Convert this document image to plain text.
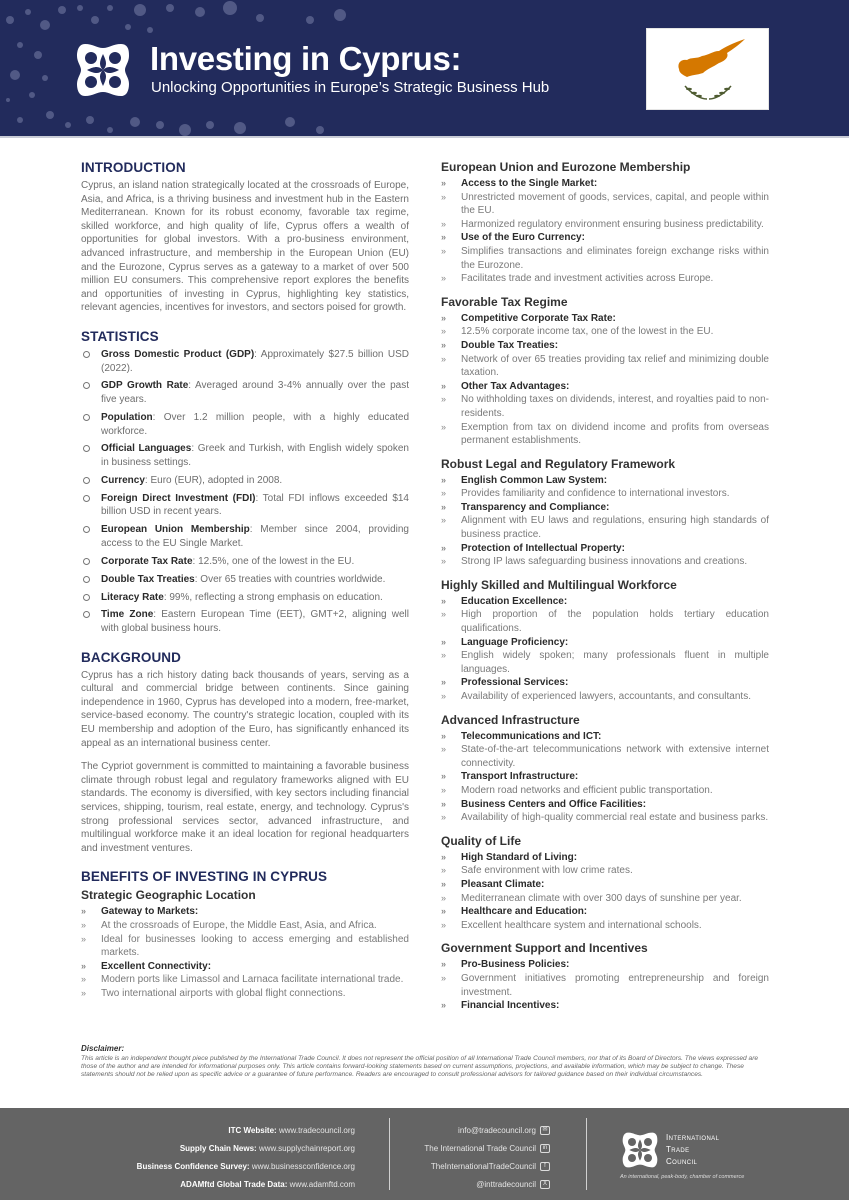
Investing in Cyprus:
Unlocking Opportunities in Europe’s Strategic Business Hub
INTRODUCTION

Cyprus, an island nation strategically located at the crossroads of Europe, Asia, and Africa, is a thriving business and investment hub in the Eastern Mediterranean. Known for its robust economy, favorable tax regime, skilled workforce, and high quality of life, Cyprus offers a wealth of opportunities for global investors. With a pro-business environment, advanced infrastructure, and membership in the European Union (EU) and the Eurozone, Cyprus serves as a gateway to a market of over 500 million EU consumers. This comprehensive report explores the benefits and opportunities of investing in Cyprus, highlighting key statistics, relevant agencies, incentives for investors, and sectors poised for growth.

STATISTICS
Gross Domestic Product (GDP): Approximately $27.5 billion USD (2022).
GDP Growth Rate: Averaged around 3-4% annually over the past five years.
Population: Over 1.2 million people, with a highly educated workforce.
Official Languages: Greek and Turkish, with English widely spoken in business settings.
Currency: Euro (EUR), adopted in 2008.
Foreign Direct Investment (FDI): Total FDI inflows exceeded $14 billion USD in recent years.
European Union Membership: Member since 2004, providing access to the EU Single Market.
Corporate Tax Rate: 12.5%, one of the lowest in the EU.
Double Tax Treaties: Over 65 treaties with countries worldwide.
Literacy Rate: 99%, reflecting a strong emphasis on education.
Time Zone: Eastern European Time (EET), GMT+2, aligning well with global business hours.
BACKGROUND

Cyprus has a rich history dating back thousands of years, serving as a cultural and commercial bridge between continents. Since gaining independence in 1960, Cyprus has developed into a modern, free-market, service-based economy. The country's strategic location, coupled with its EU membership and adoption of the Euro, has significantly enhanced its appeal as an international business center.

The Cypriot government is committed to maintaining a favorable business climate through robust legal and regulatory frameworks aligned with EU standards. The economy is diversified, with key sectors including financial services, shipping, tourism, real estate, energy, and technology. Cyprus's strong professional services sector, advanced infrastructure, and multilingual workforce make it an ideal location for regional headquarters and investment ventures.

BENEFITS OF INVESTING IN CYPRUS
Strategic Geographic Location
» Gateway to Markets:
» At the crossroads of Europe, the Middle East, Asia, and Africa.
» Ideal for businesses looking to access emerging and established markets.
» Excellent Connectivity:
» Modern ports like Limassol and Larnaca facilitate international trade.
» Two international airports with global flight connections.
European Union and Eurozone Membership
» Access to the Single Market:
» Unrestricted movement of goods, services, capital, and people within the EU.
» Harmonized regulatory environment ensuring business predictability.
» Use of the Euro Currency:
» Simplifies transactions and eliminates foreign exchange risks within the Eurozone.
» Facilitates trade and investment activities across Europe.
Favorable Tax Regime
» Competitive Corporate Tax Rate:
» 12.5% corporate income tax, one of the lowest in the EU.
» Double Tax Treaties:
» Network of over 65 treaties providing tax relief and minimizing double taxation.
» Other Tax Advantages:
» No withholding taxes on dividends, interest, and royalties paid to non-residents.
» Exemption from tax on dividend income and profits from overseas permanent establishments.
Robust Legal and Regulatory Framework
» English Common Law System:
» Provides familiarity and confidence to international investors.
» Transparency and Compliance:
» Alignment with EU laws and regulations, ensuring high standards of business practice.
» Protection of Intellectual Property:
» Strong IP laws safeguarding business innovations and creations.
Highly Skilled and Multilingual Workforce
» Education Excellence:
» High proportion of the population holds tertiary education qualifications.
» Language Proficiency:
» English widely spoken; many professionals fluent in multiple languages.
» Professional Services:
» Availability of experienced lawyers, accountants, and consultants.
Advanced Infrastructure
» Telecommunications and ICT:
» State-of-the-art telecommunications network with extensive internet connectivity.
» Transport Infrastructure:
» Modern road networks and efficient public transportation.
» Business Centers and Office Facilities:
» Availability of high-quality commercial real estate and business parks.
Quality of Life
» High Standard of Living:
» Safe environment with low crime rates.
» Pleasant Climate:
» Mediterranean climate with over 300 days of sunshine per year.
» Healthcare and Education:
» Excellent healthcare system and international schools.
Government Support and Incentives
» Pro-Business Policies:
» Government initiatives promoting entrepreneurship and foreign investment.
» Financial Incentives:
Disclaimer:
This article is an independent thought piece published by the International Trade Council. It does not represent the official position of all International Trade Council members, nor that of its Board of Directors. The views expressed are those of the author and are intended for informational purposes only. This article contains forward-looking statements based on current assumptions, projections, and available information, which may be subject to change. These statements should not be relied upon as specific advice or a guarantee of future performance. Readers are encouraged to consult professional advisors for tailored guidance based on their individual circumstances.
ITC Website: www.tradecouncil.org
Supply Chain News: www.supplychainreport.org
Business Confidence Survey: www.businessconfidence.org
ADAMftd Global Trade Data: www.adamftd.com
info@tradecouncil.org ✉
The International Trade Council in
TheInternationalTradeCouncil f
@inttradecouncil X
International
Trade
Council
An international, peak-body, chamber of commerce
